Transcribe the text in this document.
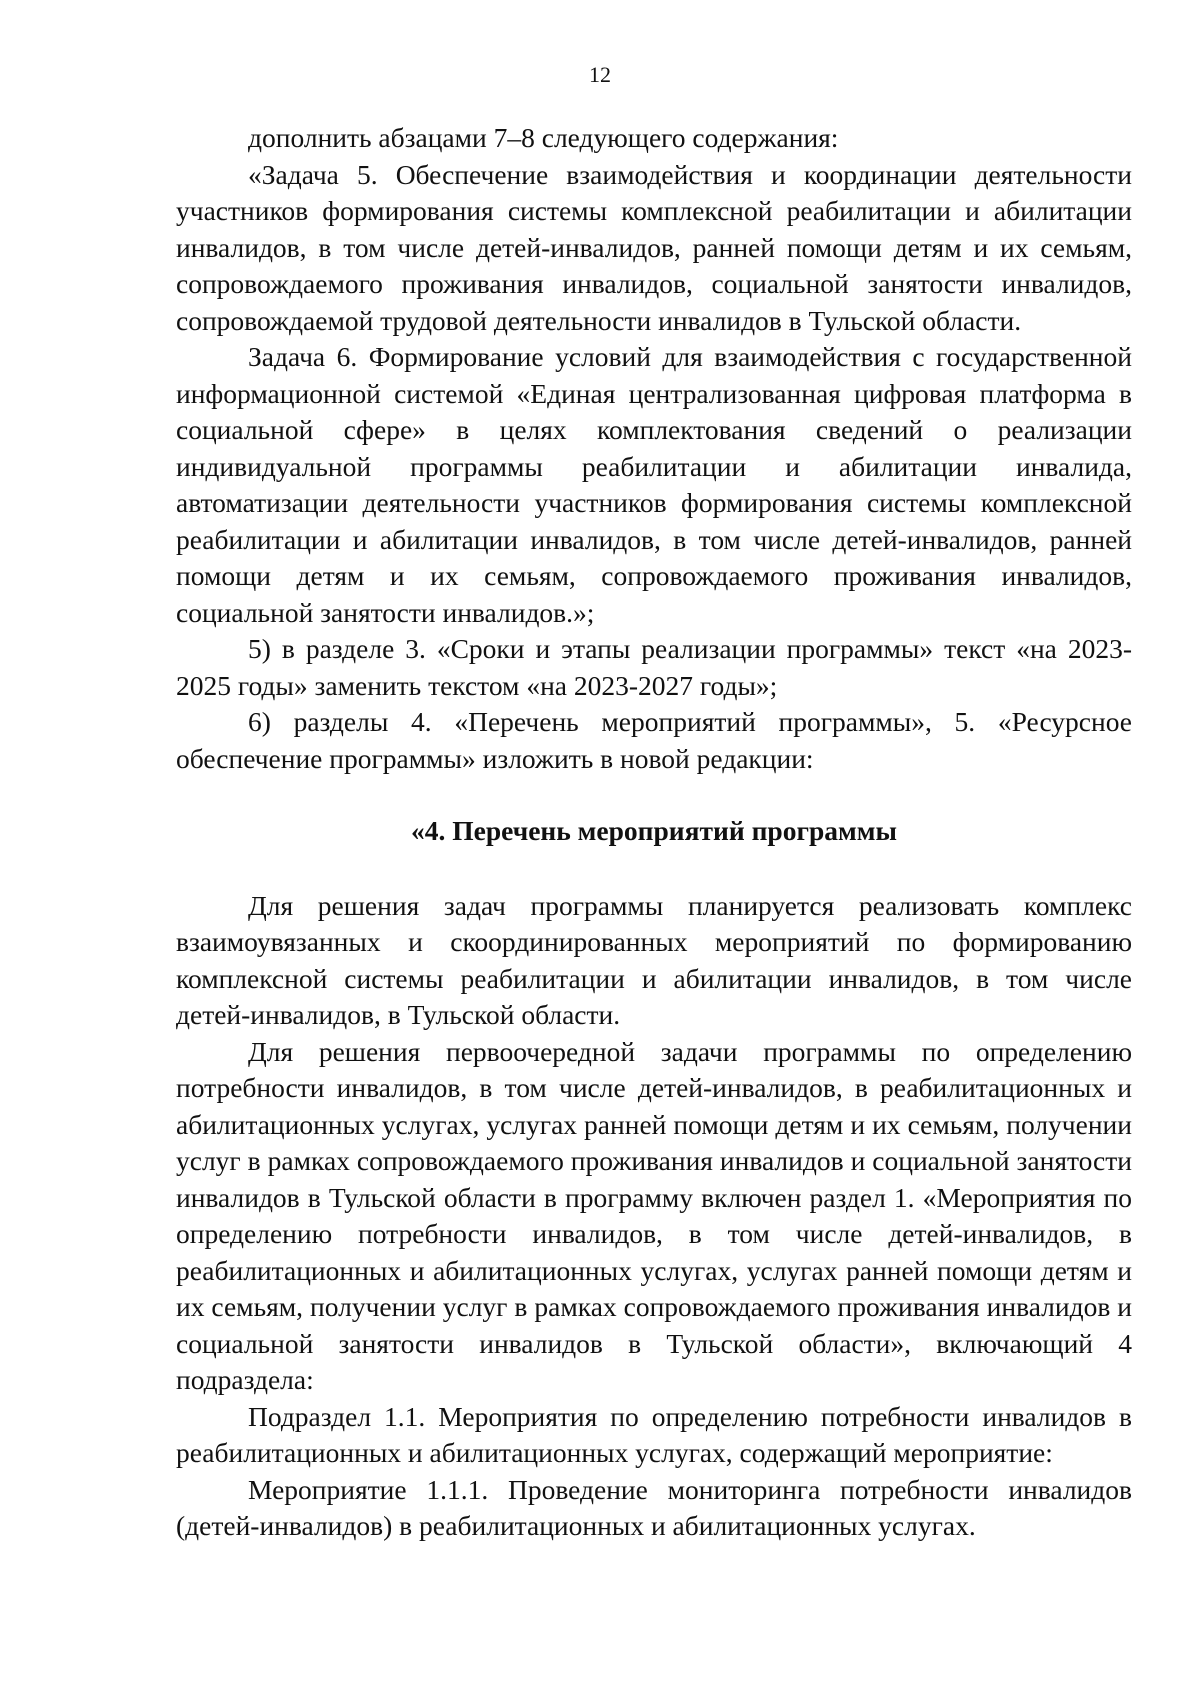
12

дополнить абзацами 7–8 следующего содержания:

«Задача 5. Обеспечение взаимодействия и координации деятельности участников формирования системы комплексной реабилитации и абилитации инвалидов, в том числе детей-инвалидов, ранней помощи детям и их семьям, сопровождаемого проживания инвалидов, социальной занятости инвалидов, сопровождаемой трудовой деятельности инвалидов в Тульской области.

Задача 6. Формирование условий для взаимодействия с государственной информационной системой «Единая централизованная цифровая платформа в социальной сфере» в целях комплектования сведений о реализации индивидуальной программы реабилитации и абилитации инвалида, автоматизации деятельности участников формирования системы комплексной реабилитации и абилитации инвалидов, в том числе детей-инвалидов, ранней помощи детям и их семьям, сопровождаемого проживания инвалидов, социальной занятости инвалидов.»;

5) в разделе 3. «Сроки и этапы реализации программы» текст «на 2023-2025 годы» заменить текстом «на 2023-2027 годы»;

6) разделы 4. «Перечень мероприятий программы», 5. «Ресурсное обеспечение программы» изложить в новой редакции:

«4. Перечень мероприятий программы

Для решения задач программы планируется реализовать комплекс взаимоувязанных и скоординированных мероприятий по формированию комплексной системы реабилитации и абилитации инвалидов, в том числе детей-инвалидов, в Тульской области.

Для решения первоочередной задачи программы по определению потребности инвалидов, в том числе детей-инвалидов, в реабилитационных и абилитационных услугах, услугах ранней помощи детям и их семьям, получении услуг в рамках сопровождаемого проживания инвалидов и социальной занятости инвалидов в Тульской области в программу включен раздел 1. «Мероприятия по определению потребности инвалидов, в том числе детей-инвалидов, в реабилитационных и абилитационных услугах, услугах ранней помощи детям и их семьям, получении услуг в рамках сопровождаемого проживания инвалидов и социальной занятости инвалидов в Тульской области», включающий 4 подраздела:

Подраздел 1.1. Мероприятия по определению потребности инвалидов в реабилитационных и абилитационных услугах, содержащий мероприятие:

Мероприятие 1.1.1. Проведение мониторинга потребности инвалидов (детей-инвалидов) в реабилитационных и абилитационных услугах.
